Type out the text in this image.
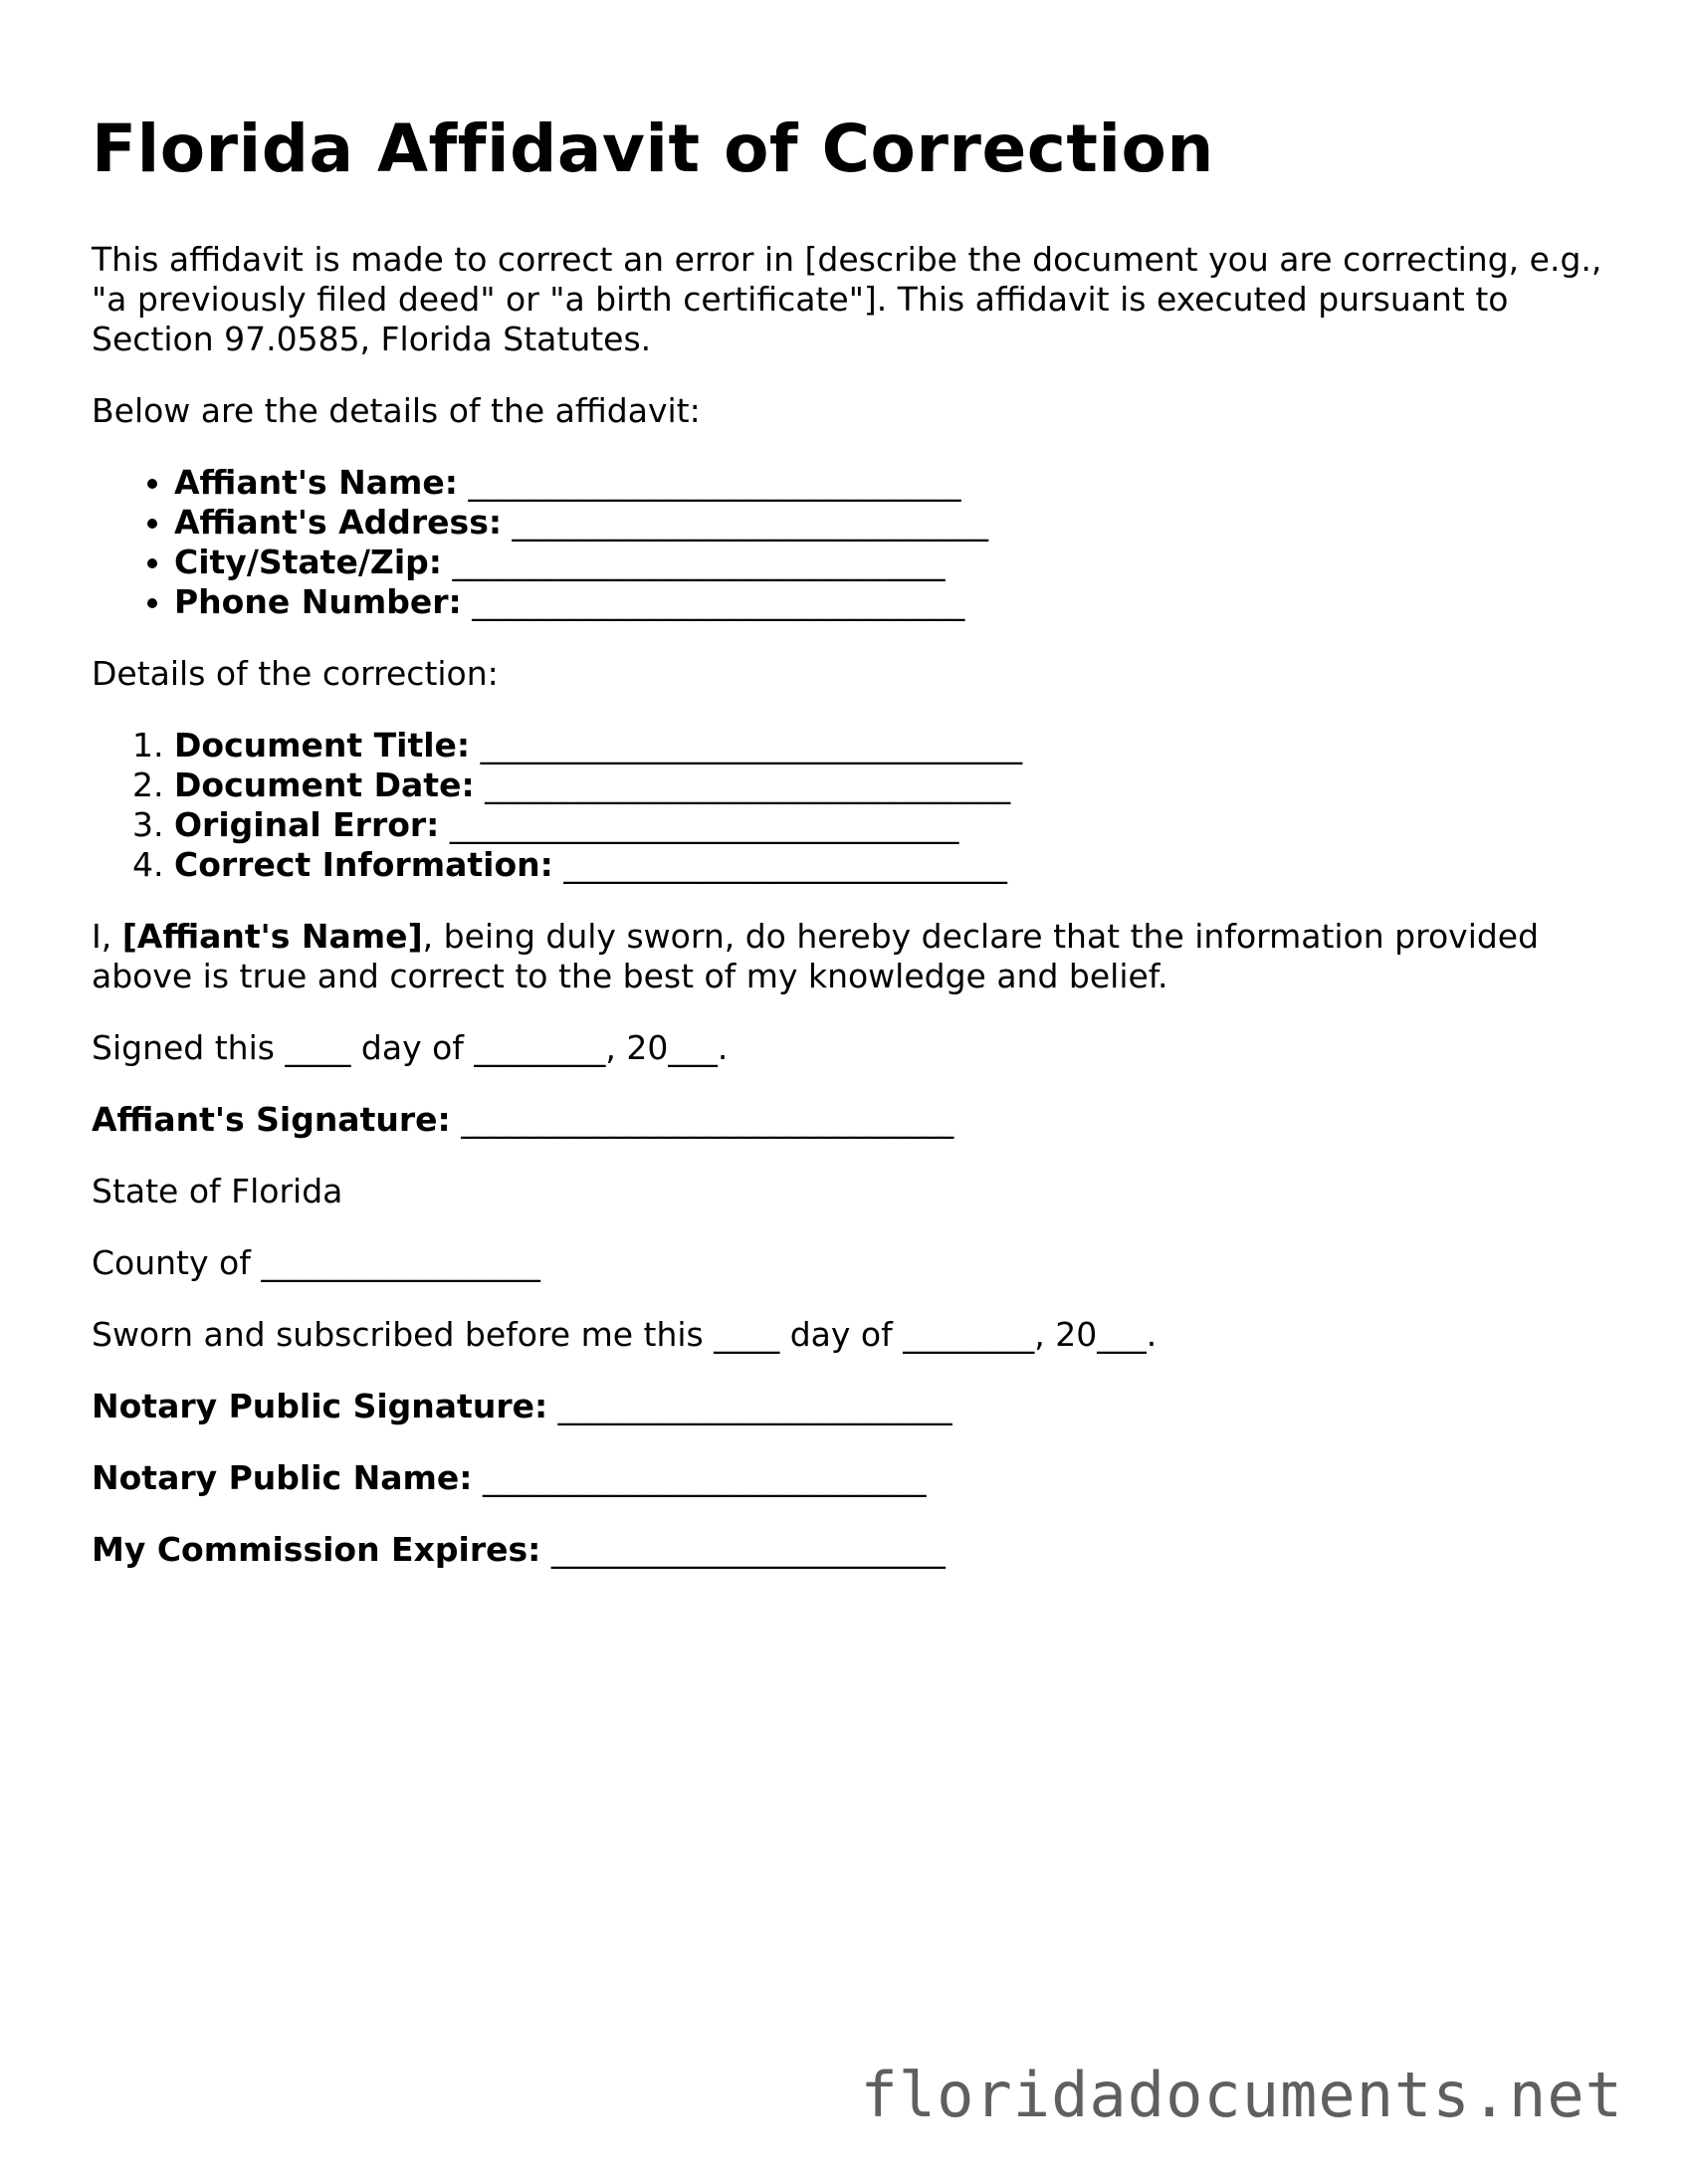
Florida Affidavit of Correction

This affidavit is made to correct an error in [describe the document you are correcting, e.g., "a previously filed deed" or "a birth certificate"]. This affidavit is executed pursuant to Section 97.0585, Florida Statutes.

Below are the details of the affidavit:

• Affiant's Name: ______________________________
• Affiant's Address: _____________________________
• City/State/Zip: ______________________________
• Phone Number: ______________________________

Details of the correction:

1. Document Title: _________________________________
2. Document Date: ________________________________
3. Original Error: _______________________________
4. Correct Information: ___________________________

I, [Affiant's Name], being duly sworn, do hereby declare that the information provided above is true and correct to the best of my knowledge and belief.

Signed this ____ day of ________, 20___.

Affiant's Signature: ______________________________

State of Florida

County of _________________

Sworn and subscribed before me this ____ day of ________, 20___.

Notary Public Signature: ________________________

Notary Public Name: ___________________________

My Commission Expires: ________________________

floridadocuments.net
